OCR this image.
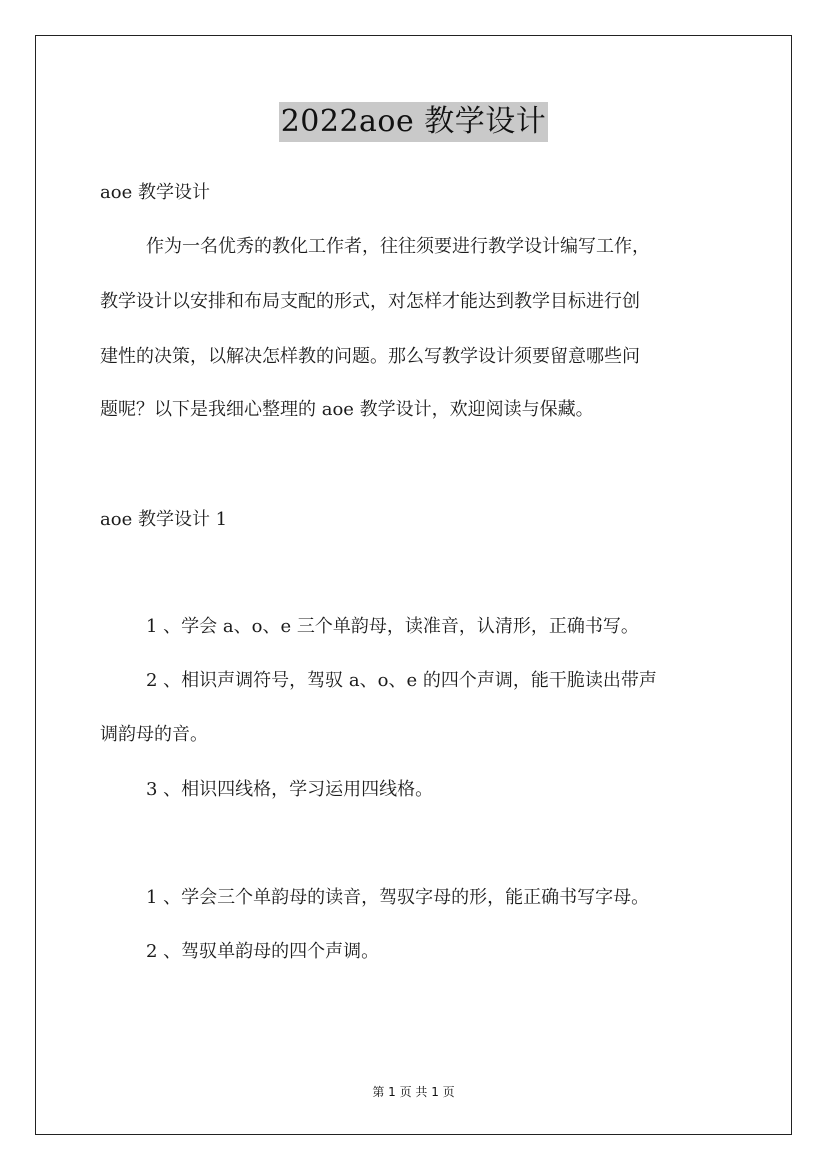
2022aoe 教学设计
aoe 教学设计
作为一名优秀的教化工作者，往往须要进行教学设计编写工作，
教学设计以安排和布局支配的形式，对怎样才能达到教学目标进行创
建性的决策，以解决怎样教的问题。那么写教学设计须要留意哪些问
题呢？以下是我细心整理的 aoe 教学设计，欢迎阅读与保藏。
aoe 教学设计 1
1 、学会 a、o、e 三个单韵母，读准音，认清形，正确书写。
2 、相识声调符号，驾驭 a、o、e 的四个声调，能干脆读出带声
调韵母的音。
3 、相识四线格，学习运用四线格。
1 、学会三个单韵母的读音，驾驭字母的形，能正确书写字母。
2 、驾驭单韵母的四个声调。
第 1 页 共 1 页
